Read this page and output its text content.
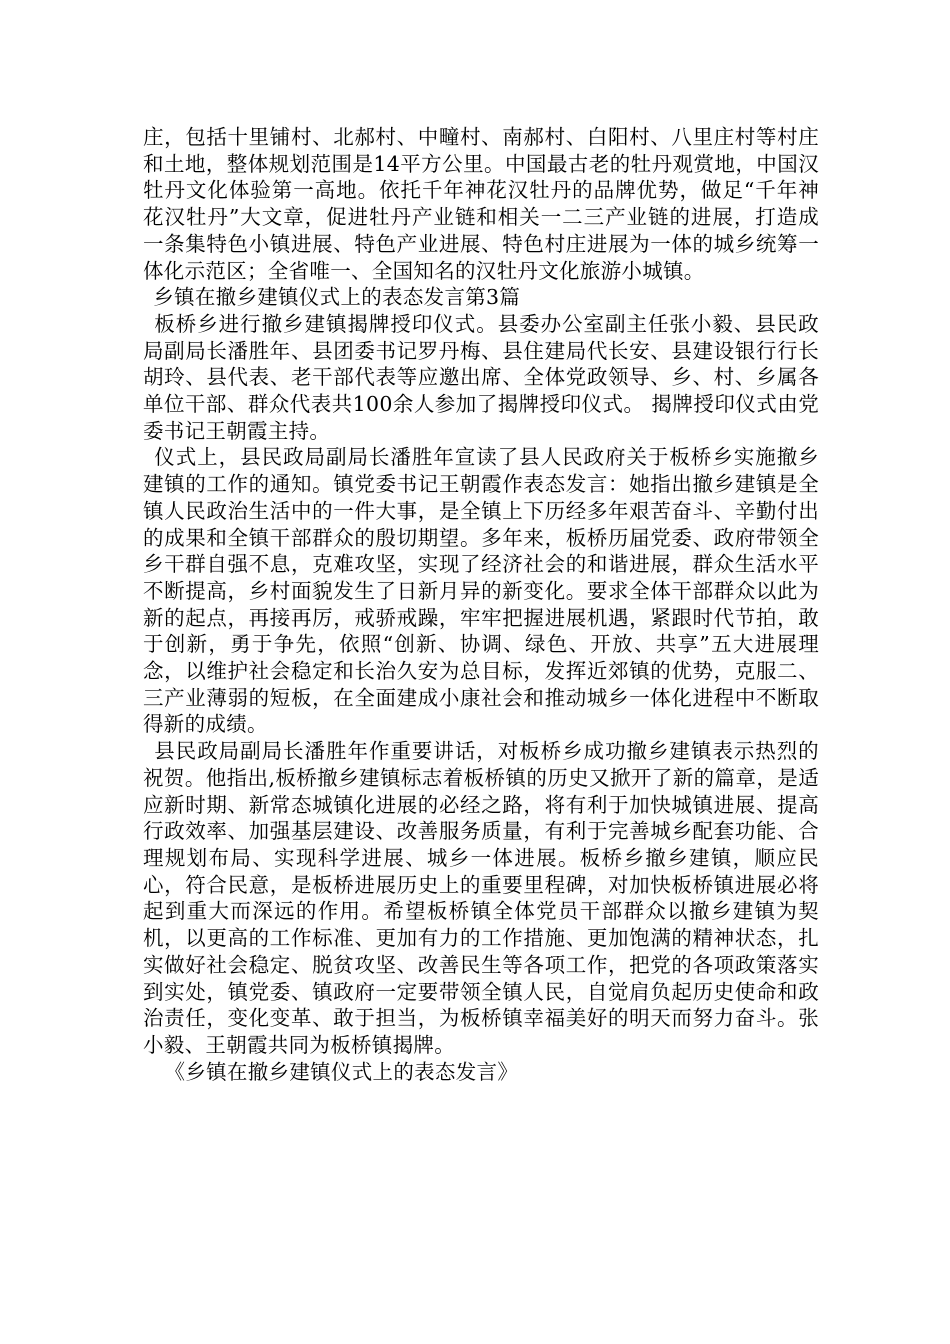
庄，包括十里铺村、北郝村、中疃村、南郝村、白阳村、八里庄村等村庄和土地，整体规划范围是14平方公里。中国最古老的牡丹观赏地，中国汉牡丹文化体验第一高地。依托千年神花汉牡丹的品牌优势，做足“千年神花汉牡丹”大文章，促进牡丹产业链和相关一二三产业链的进展，打造成一条集特色小镇进展、特色产业进展、特色村庄进展为一体的城乡统筹一体化示范区；全省唯一、全国知名的汉牡丹文化旅游小城镇。

乡镇在撤乡建镇仪式上的表态发言第3篇

板桥乡进行撤乡建镇揭牌授印仪式。县委办公室副主任张小毅、县民政局副局长潘胜年、县团委书记罗丹梅、县住建局代长安、县建设银行行长胡玲、县代表、老干部代表等应邀出席、全体党政领导、乡、村、乡属各单位干部、群众代表共100余人参加了揭牌授印仪式。 揭牌授印仪式由党委书记王朝霞主持。

仪式上，县民政局副局长潘胜年宣读了县人民政府关于板桥乡实施撤乡建镇的工作的通知。镇党委书记王朝霞作表态发言：她指出撤乡建镇是全镇人民政治生活中的一件大事，是全镇上下历经多年艰苦奋斗、辛勤付出的成果和全镇干部群众的殷切期望。多年来，板桥历届党委、政府带领全乡干群自强不息，克难攻坚，实现了经济社会的和谐进展，群众生活水平不断提高，乡村面貌发生了日新月异的新变化。要求全体干部群众以此为新的起点，再接再厉，戒骄戒躁，牢牢把握进展机遇，紧跟时代节拍，敢于创新，勇于争先，依照“创新、协调、绿色、开放、共享”五大进展理念，以维护社会稳定和长治久安为总目标，发挥近郊镇的优势，克服二、三产业薄弱的短板，在全面建成小康社会和推动城乡一体化进程中不断取得新的成绩。

县民政局副局长潘胜年作重要讲话，对板桥乡成功撤乡建镇表示热烈的祝贺。他指出,板桥撤乡建镇标志着板桥镇的历史又掀开了新的篇章，是适应新时期、新常态城镇化进展的必经之路，将有利于加快城镇进展、提高行政效率、加强基层建设、改善服务质量，有利于完善城乡配套功能、合理规划布局、实现科学进展、城乡一体进展。板桥乡撤乡建镇，顺应民心，符合民意，是板桥进展历史上的重要里程碑，对加快板桥镇进展必将起到重大而深远的作用。希望板桥镇全体党员干部群众以撤乡建镇为契机，以更高的工作标准、更加有力的工作措施、更加饱满的精神状态，扎实做好社会稳定、脱贫攻坚、改善民生等各项工作，把党的各项政策落实到实处，镇党委、镇政府一定要带领全镇人民，自觉肩负起历史使命和政治责任，变化变革、敢于担当，为板桥镇幸福美好的明天而努力奋斗。张小毅、王朝霞共同为板桥镇揭牌。

《乡镇在撤乡建镇仪式上的表态发言》
